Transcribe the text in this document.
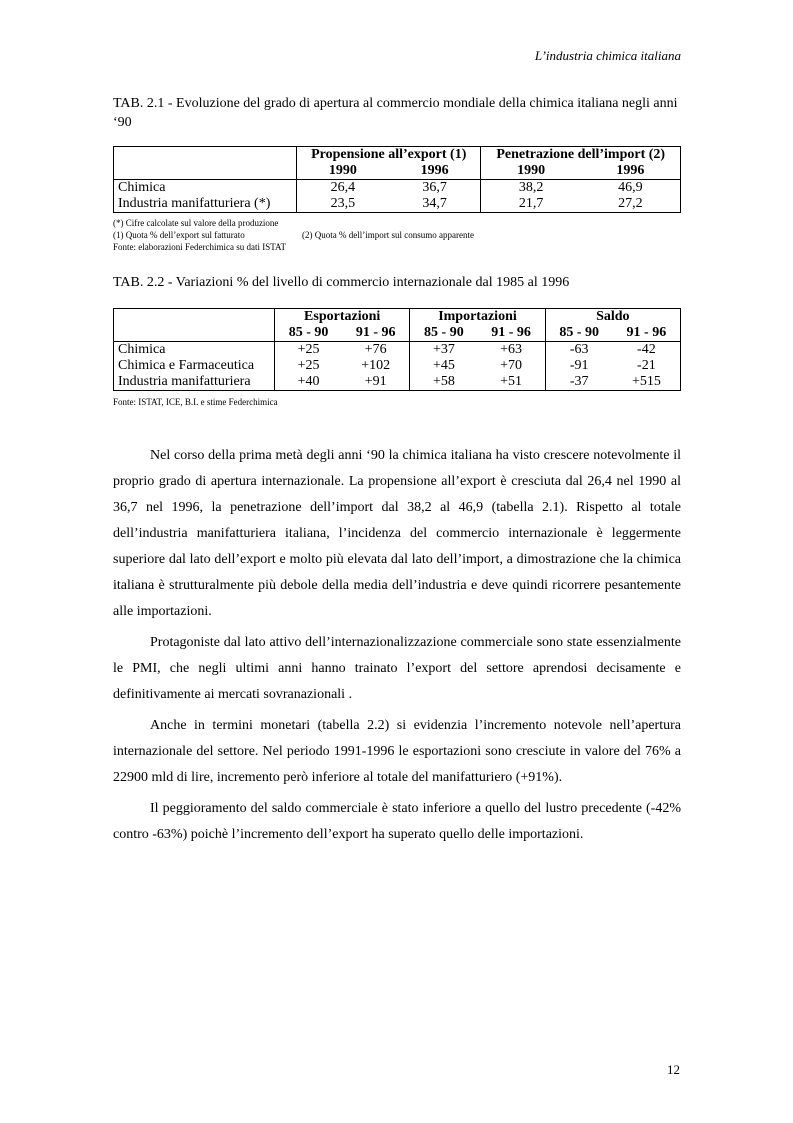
L’industria chimica italiana
TAB. 2.1 - Evoluzione del grado di apertura al commercio mondiale della chimica italiana negli anni ‘90
	Propensione all’export (1)		Penetrazione dell’import (2)	
	1990	1996	1990	1996
Chimica	26,4	36,7	38,2	46,9
Industria manifatturiera (*)	23,5	34,7	21,7	27,2
(*) Cifre calcolate sul valore della produzione
(1) Quota % dell’export sul fatturato	(2) Quota % dell’import sul consumo apparente
Fonte: elaborazioni Federchimica su dati ISTAT
TAB. 2.2 - Variazioni % del livello di commercio internazionale dal 1985 al 1996
	Esportazioni		Importazioni		Saldo	
	85 - 90	91 - 96	85 - 90	91 - 96	85 - 90	91 - 96
Chimica	+25	+76	+37	+63	-63	-42
Chimica e Farmaceutica	+25	+102	+45	+70	-91	-21
Industria manifatturiera	+40	+91	+58	+51	-37	+515
Fonte: ISTAT, ICE, B.I. e stime Federchimica

Nel corso della prima metà degli anni ‘90 la chimica italiana ha visto crescere notevolmente il proprio grado di apertura internazionale. La propensione all’export è cresciuta dal 26,4 nel 1990 al 36,7 nel 1996, la penetrazione dell’import dal 38,2 al 46,9 (tabella 2.1). Rispetto al totale dell’industria manifatturiera italiana, l’incidenza del commercio internazionale è leggermente superiore dal lato dell’export e molto più elevata dal lato dell’import, a dimostrazione che la chimica italiana è strutturalmente più debole della media dell’industria e deve quindi ricorrere pesantemente alle importazioni.

Protagoniste dal lato attivo dell’internazionalizzazione commerciale sono state essenzialmente le PMI, che negli ultimi anni hanno trainato l’export del settore aprendosi decisamente e definitivamente ai mercati sovranazionali .

Anche in termini monetari (tabella 2.2) si evidenzia l’incremento notevole nell’apertura internazionale del settore. Nel periodo 1991-1996 le esportazioni sono cresciute in valore del 76% a 22900 mld di lire, incremento però inferiore al totale del manifatturiero (+91%).

Il peggioramento del saldo commerciale è stato inferiore a quello del lustro precedente (-42% contro -63%) poichè l’incremento dell’export ha superato quello delle importazioni.

12
